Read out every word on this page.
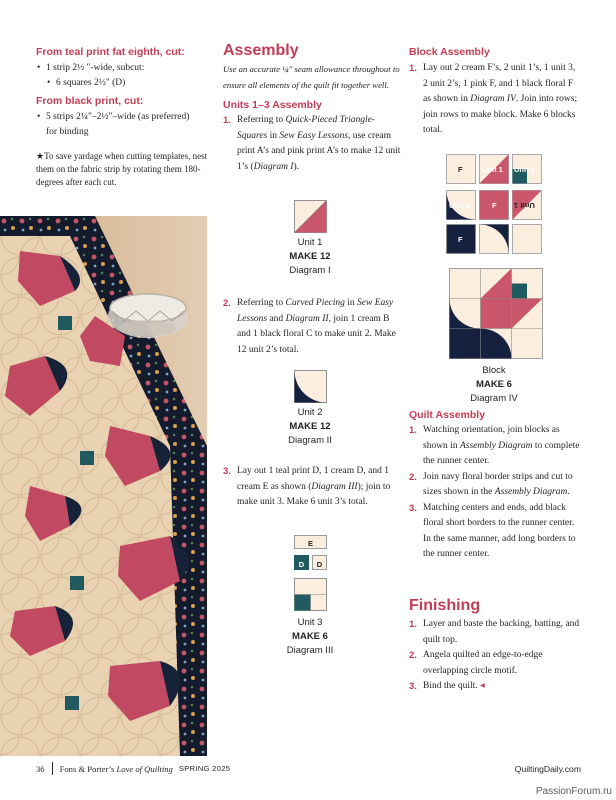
From teal print fat eighth, cut:
• 1 strip 2½ "-wide, subcut:
• 6 squares 2½" (D)
From black print, cut:
• 5 strips 2¼"–2½"–wide (as preferred)
for binding
★To save yardage when cutting templates, nest them on the fabric strip by rotating them 180-degrees after each cut.
Assembly

Use an accurate ¼" seam allowance throughout to ensure all elements of the quilt fit together well.

Units 1–3 Assembly

1. Referring to Quick-Pieced Triangle-Squares in Sew Easy Lessons, use cream print A’s and pink print A’s to make 12 unit 1’s (Diagram I).

Unit 1
MAKE 12
Diagram I

2. Referring to Curved Piecing in Sew Easy Lessons and Diagram II, join 1 cream B and 1 black floral C to make unit 2. Make 12 unit 2’s total.

Unit 2
MAKE 12
Diagram II

3. Lay out 1 teal print D, 1 cream D, and 1 cream E as shown (Diagram III); join to make unit 3. Make 6 unit 3’s total.

E
D	D
Unit 3
MAKE 6
Diagram III
Block Assembly

1. Lay out 2 cream F’s, 2 unit 1’s, 1 unit 3, 2 unit 2’s, 1 pink F, and 1 black floral F as shown in Diagram IV. Join into rows; join rows to make block. Make 6 blocks total.

F	Unit 1 Unit 3
Unit 2	F Unit 1
F
Block
MAKE 6
Diagram IV
Quilt Assembly

1. Watching orientation, join blocks as shown in Assembly Diagram to complete the runner center.

2. Join navy floral border strips and cut to sizes shown in the Assembly Diagram.

3. Matching centers and ends, add black floral short borders to the runner center. In the same manner, add long borders to the runner center.

Finishing

1. Layer and baste the backing, batting, and quilt top.

2. Angela quilted an edge-to-edge overlapping circle motif.

3. Bind the quilt. ◂

36 Fons & Porter’s Love of Quilting SPRING 2025	QuiltingDaily.com
PassionForum.ru
